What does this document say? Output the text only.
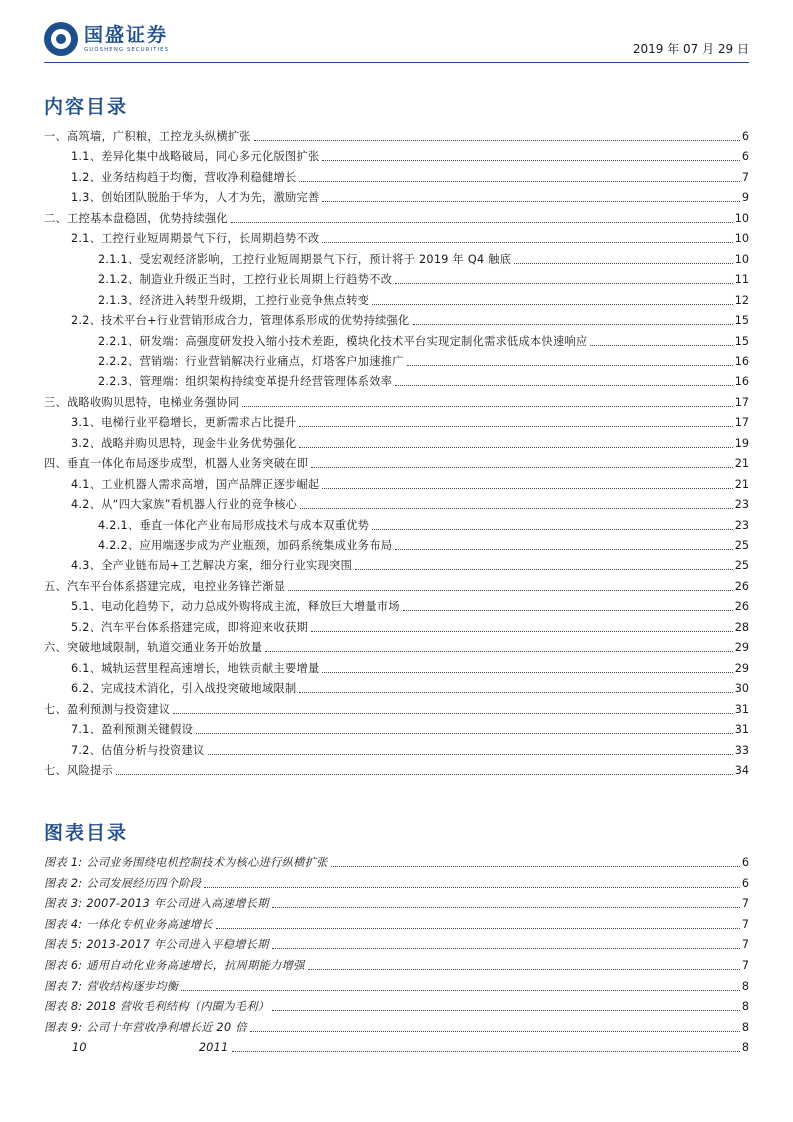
国盛证券
GUOSHENG SECURITIES	2019 年 07 月 29 日
内容目录
一、高筑墙，广积粮，工控龙头纵横扩张	6
1.1、差异化集中战略破局，同心多元化版图扩张	6
1.2、业务结构趋于均衡，营收净利稳健增长	7
1.3、创始团队脱胎于华为，人才为先，激励完善	9
二、工控基本盘稳固，优势持续强化	10
2.1、工控行业短周期景气下行，长周期趋势不改	10
2.1.1、受宏观经济影响，工控行业短周期景气下行，预计将于 2019 年 Q4 触底	10
2.1.2、制造业升级正当时，工控行业长周期上行趋势不改	11
2.1.3、经济进入转型升级期，工控行业竞争焦点转变	12
2.2、技术平台+行业营销形成合力，管理体系形成的优势持续强化	15
2.2.1、研发端：高强度研发投入缩小技术差距，模块化技术平台实现定制化需求低成本快速响应	15
2.2.2、营销端：行业营销解决行业痛点，灯塔客户加速推广	16
2.2.3、管理端：组织架构持续变革提升经营管理体系效率	16
三、战略收购贝思特，电梯业务强协同	17
3.1、电梯行业平稳增长，更新需求占比提升	17
3.2、战略并购贝思特，现金牛业务优势强化	19
四、垂直一体化布局逐步成型，机器人业务突破在即	21
4.1、工业机器人需求高增，国产品牌正逐步崛起	21
4.2、从“四大家族”看机器人行业的竞争核心	23
4.2.1、垂直一体化产业布局形成技术与成本双重优势	23
4.2.2、应用端逐步成为产业瓶颈，加码系统集成业务布局	25
4.3、全产业链布局+工艺解决方案，细分行业实现突围	25
五、汽车平台体系搭建完成，电控业务锋芒渐显	26
5.1、电动化趋势下，动力总成外购将成主流，释放巨大增量市场	26
5.2、汽车平台体系搭建完成，即将迎来收获期	28
六、突破地域限制，轨道交通业务开始放量	29
6.1、城轨运营里程高速增长，地铁贡献主要增量	29
6.2、完成技术消化，引入战投突破地域限制	30
七、盈利预测与投资建议	31
7.1、盈利预测关键假设	31
7.2、估值分析与投资建议	33
七、风险提示	34
图表目录
图表 1: 公司业务围绕电机控制技术为核心进行纵横扩张	6
图表 2: 公司发展经历四个阶段	6
图表 3: 2007-2013 年公司进入高速增长期	7
图表 4: 一体化专机业务高速增长	7
图表 5: 2013-2017 年公司进入平稳增长期	7
图表 6: 通用自动化业务高速增长，抗周期能力增强	7
图表 7: 营收结构逐步均衡	8
图表 8: 2018 营收毛利结构（内圈为毛利）	8
图表 9: 公司十年营收净利增长近 20 倍	8
10	2011	8
